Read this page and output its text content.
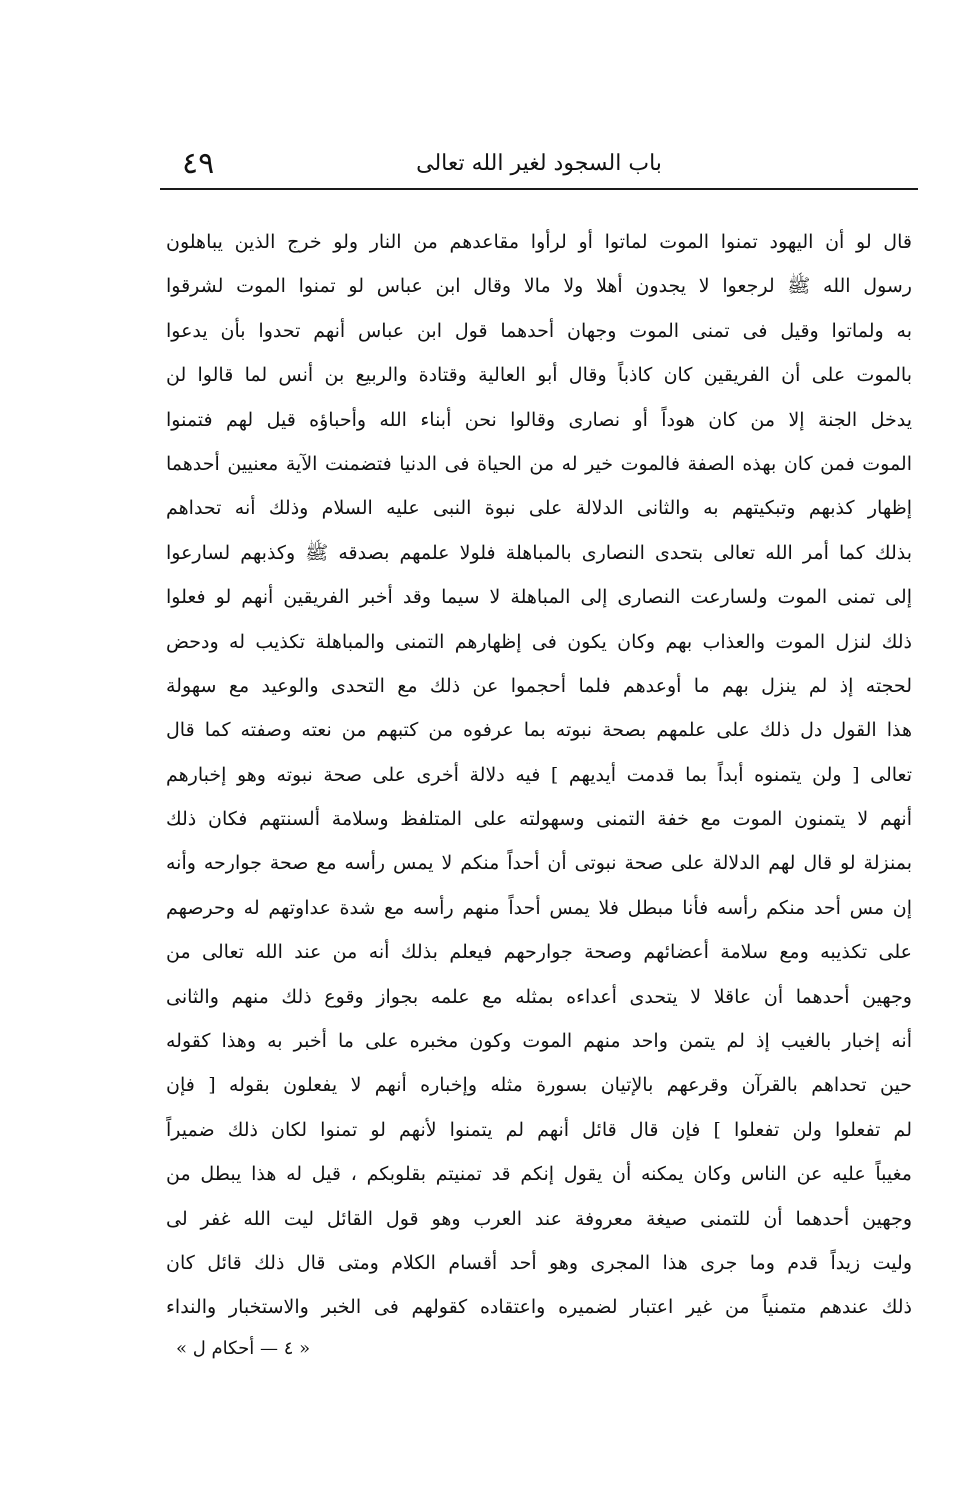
٤٩	باب السجود لغير الله تعالى
قال لو أن اليهود تمنوا الموت لماتوا أو لرأوا مقاعدهم من النار ولو خرج الذين يباهلون
رسول الله ﷺ لرجعوا لا يجدون أهلا ولا مالا وقال ابن عباس لو تمنوا الموت لشرقوا
به ولماتوا وقيل فى تمنى الموت وجهان أحدهما قول ابن عباس أنهم تحدوا بأن يدعوا
بالموت على أن الفريقين كان كاذباً وقال أبو العالية وقتادة والربيع بن أنس لما قالوا لن
يدخل الجنة إلا من كان هوداً أو نصارى وقالوا نحن أبناء الله وأحباؤه قيل لهم فتمنوا
الموت فمن كان بهذه الصفة فالموت خير له من الحياة فى الدنيا فتضمنت الآية معنيين أحدهما
إظهار كذبهم وتبكيتهم به والثانى الدلالة على نبوة النبى عليه السلام وذلك أنه تحداهم
بذلك كما أمر الله تعالى بتحدى النصارى بالمباهلة فلولا علمهم بصدقه ﷺ وكذبهم لسارعوا
إلى تمنى الموت ولسارعت النصارى إلى المباهلة لا سيما وقد أخبر الفريقين أنهم لو فعلوا
ذلك لنزل الموت والعذاب بهم وكان يكون فى إظهارهم التمنى والمباهلة تكذيب له ودحض
لحجته إذ لم ينزل بهم ما أوعدهم فلما أحجموا عن ذلك مع التحدى والوعيد مع سهولة
هذا القول دل ذلك على علمهم بصحة نبوته بما عرفوه من كتبهم من نعته وصفته كما قال
تعالى [ ولن يتمنوه أبداً بما قدمت أيديهم ] فيه دلالة أخرى على صحة نبوته وهو إخبارهم
أنهم لا يتمنون الموت مع خفة التمنى وسهولته على المتلفظ وسلامة ألسنتهم فكان ذلك
بمنزلة لو قال لهم الدلالة على صحة نبوتى أن أحداً منكم لا يمس رأسه مع صحة جوارحه وأنه
إن مس أحد منكم رأسه فأنا مبطل فلا يمس أحداً منهم رأسه مع شدة عداوتهم له وحرصهم
على تكذيبه ومع سلامة أعضائهم وصحة جوارحهم فيعلم بذلك أنه من عند الله تعالى من
وجهين أحدهما أن عاقلا لا يتحدى أعداءه بمثله مع علمه بجواز وقوع ذلك منهم والثانى
أنه إخبار بالغيب إذ لم يتمن واحد منهم الموت وكون مخبره على ما أخبر به وهذا كقوله
حين تحداهم بالقرآن وقرعهم بالإتيان بسورة مثله وإخباره أنهم لا يفعلون بقوله [ فإن
لم تفعلوا ولن تفعلوا ] فإن قال قائل أنهم لم يتمنوا لأنهم لو تمنوا لكان ذلك ضميراً
مغيباً عليه عن الناس وكان يمكنه أن يقول إنكم قد تمنيتم بقلوبكم ، قيل له هذا يبطل من
وجهين أحدهما أن للتمنى صيغة معروفة عند العرب وهو قول القائل ليت الله غفر لى
وليت زيداً قدم وما جرى هذا المجرى وهو أحد أقسام الكلام ومتى قال ذلك قائل كان
ذلك عندهم متمنياً من غير اعتبار لضميره واعتقاده كقولهم فى الخبر والاستخبار والنداء
« ٤ — أحكام ل »
